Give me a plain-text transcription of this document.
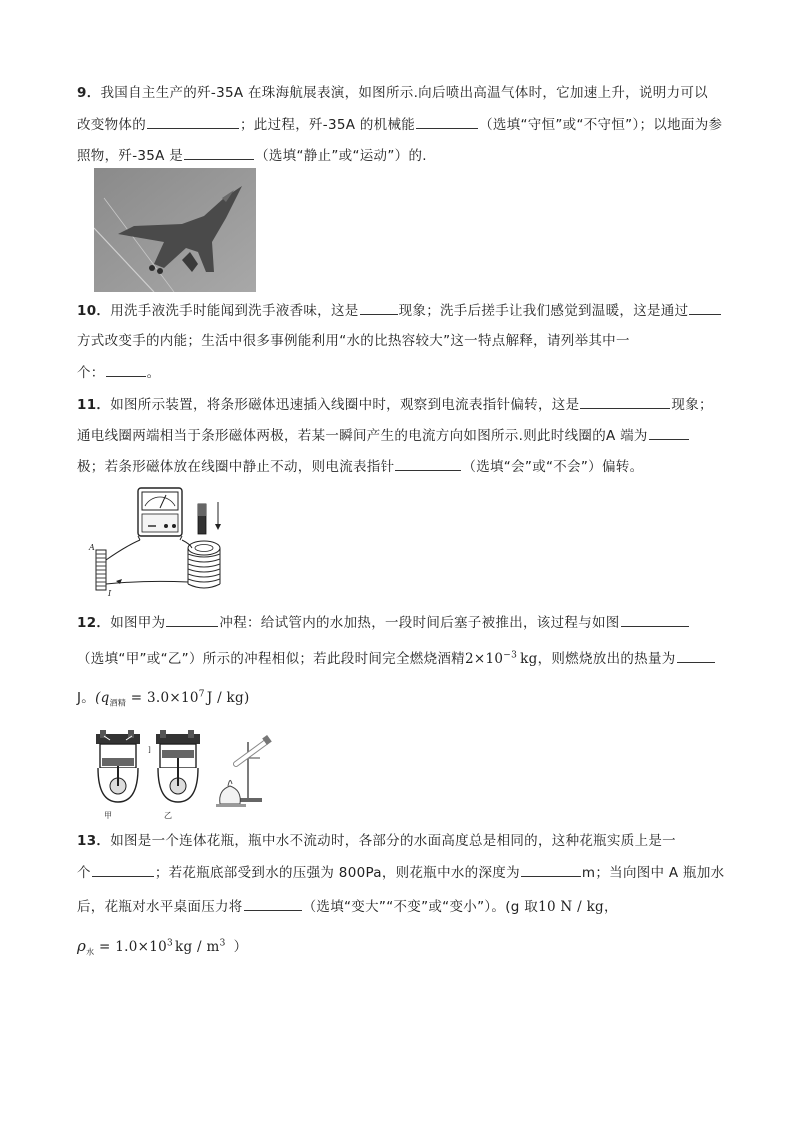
9．我国自主生产的歼-35A 在珠海航展表演，如图所示.向后喷出高温气体时，它加速上升，说明力可以
改变物体的	；此过程，歼-35A 的机械能	（选填“守恒”或“不守恒”）；以地面为参
照物，歼-35A 是	（选填“静止”或“运动”）的.
10．用洗手液洗手时能闻到洗手液香味，这是	现象；洗手后搓手让我们感觉到温暖，这是通过
方式改变手的内能；生活中很多事例能利用“水的比热容较大”这一特点解释，请列举其中一
个：	。
11．如图所示装置，将条形磁体迅速插入线圈中时，观察到电流表指针偏转，这是	现象；
通电线圈两端相当于条形磁体两极，若某一瞬间产生的电流方向如图所示.则此时线圈的A 端为
极；若条形磁体放在线圈中静止不动，则电流表指针	（选填“会”或“不会”）偏转。
A
I
12．如图甲为	冲程：给试管内的水加热，一段时间后塞子被推出，该过程与如图
（选填“甲”或“乙”）所示的冲程相似；若此段时间完全燃烧酒精$2\times 10^{-3}$ kg，则燃烧放出的热量为
J。($q_{酒精} = 3.0\times 10^7$ J / kg)
]
甲	乙
13．如图是一个连体花瓶，瓶中水不流动时，各部分的水面高度总是相同的，这种花瓶实质上是一
个	；若花瓶底部受到水的压强为 800Pa，则花瓶中水的深度为	m；当向图中 A 瓶加水
后，花瓶对水平桌面压力将	（选填“变大”“不变”或“变小”）。(g 取10 N / kg，
$\rho_水 = 1.0\times 10^3$ kg / $m^3$ ）
